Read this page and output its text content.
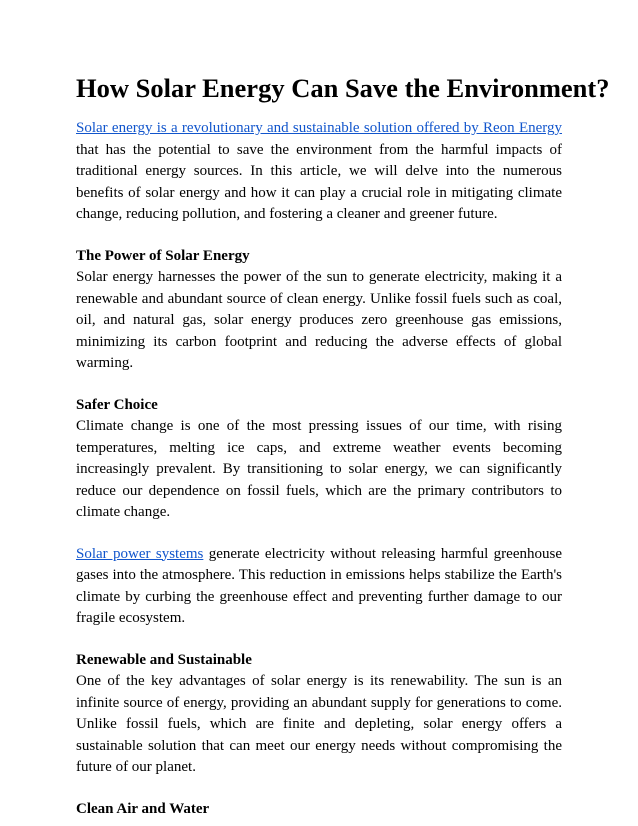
How Solar Energy Can Save the Environment?

Solar energy is a revolutionary and sustainable solution offered by Reon Energy that has the potential to save the environment from the harmful impacts of traditional energy sources. In this article, we will delve into the numerous benefits of solar energy and how it can play a crucial role in mitigating climate change, reducing pollution, and fostering a cleaner and greener future.

The Power of Solar Energy

Solar energy harnesses the power of the sun to generate electricity, making it a renewable and abundant source of clean energy. Unlike fossil fuels such as coal, oil, and natural gas, solar energy produces zero greenhouse gas emissions, minimizing its carbon footprint and reducing the adverse effects of global warming.

Safer Choice

Climate change is one of the most pressing issues of our time, with rising temperatures, melting ice caps, and extreme weather events becoming increasingly prevalent. By transitioning to solar energy, we can significantly reduce our dependence on fossil fuels, which are the primary contributors to climate change.

Solar power systems generate electricity without releasing harmful greenhouse gases into the atmosphere. This reduction in emissions helps stabilize the Earth's climate by curbing the greenhouse effect and preventing further damage to our fragile ecosystem.

Renewable and Sustainable

One of the key advantages of solar energy is its renewability. The sun is an infinite source of energy, providing an abundant supply for generations to come. Unlike fossil fuels, which are finite and depleting, solar energy offers a sustainable solution that can meet our energy needs without compromising the future of our planet.

Clean Air and Water
